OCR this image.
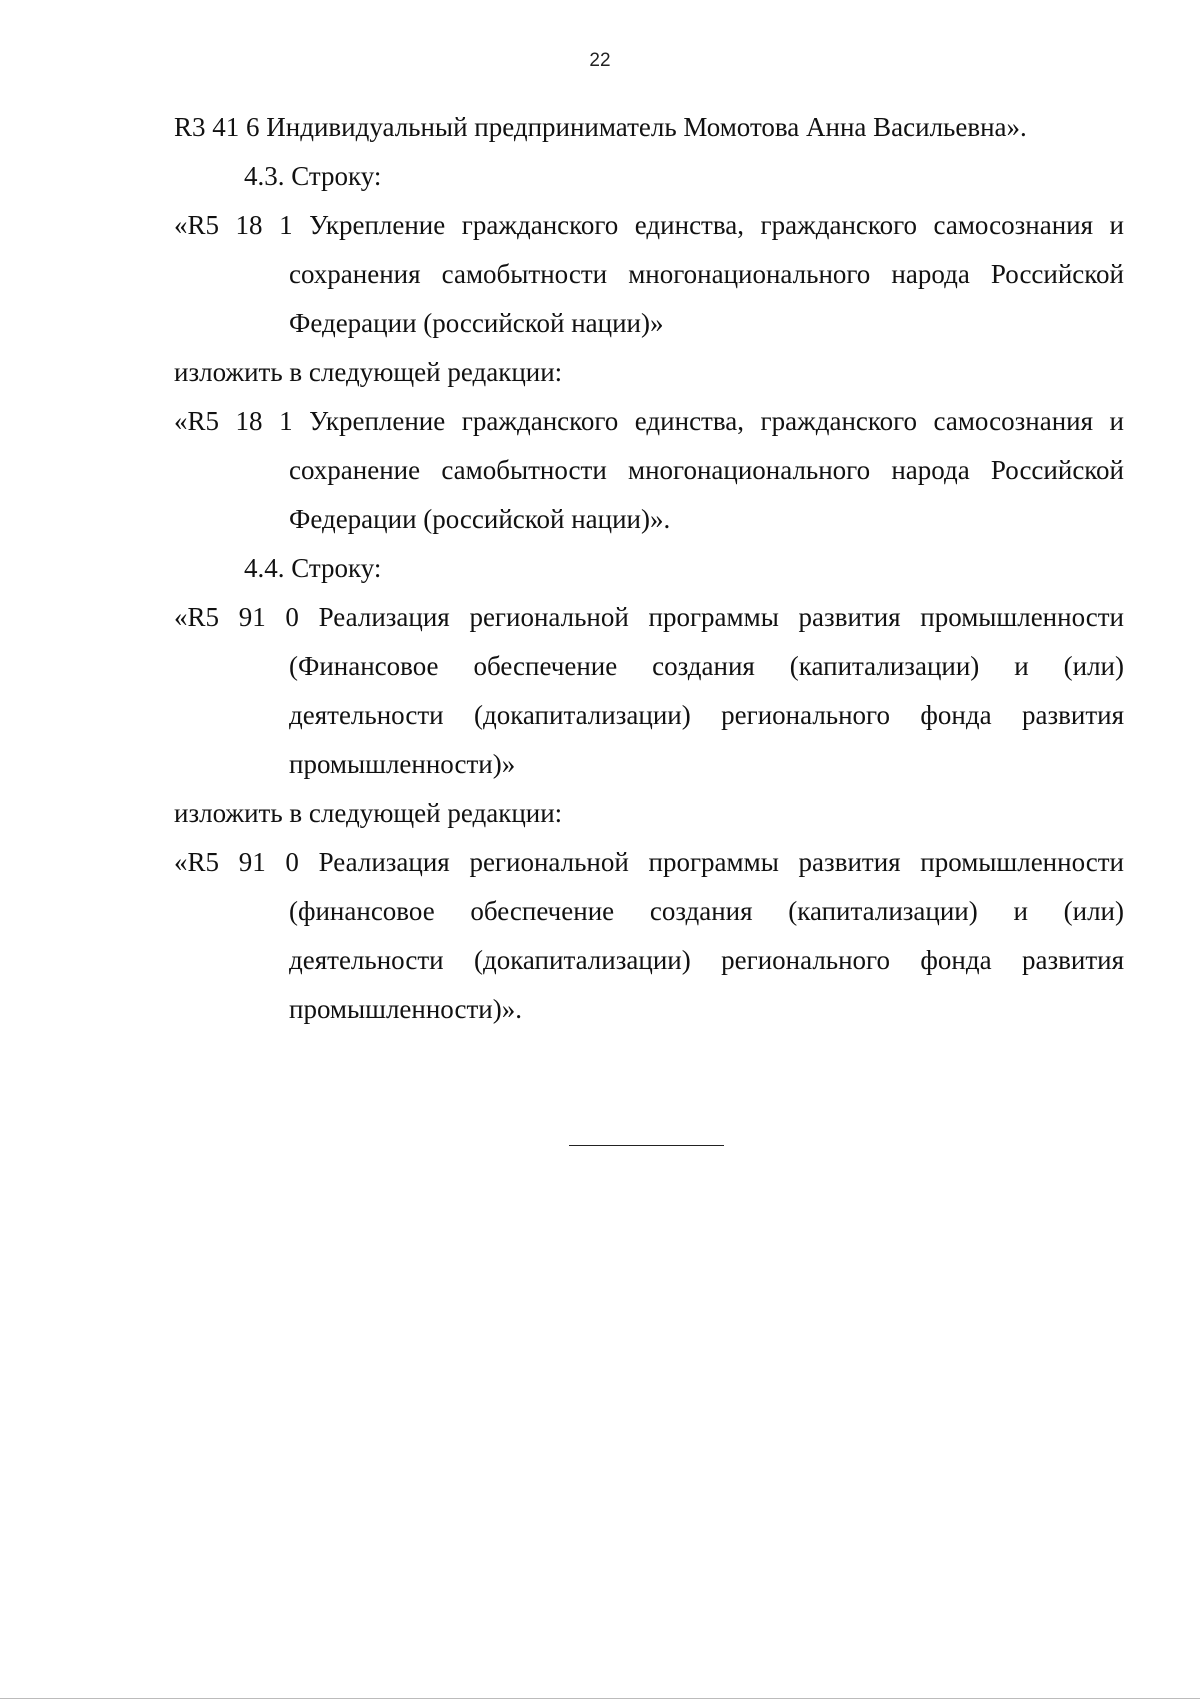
22
R3 41 6 Индивидуальный предприниматель Момотова Анна Васильевна».
4.3. Строку:
«R5 18 1 Укрепление гражданского единства, гражданского самосознания и
сохранения самобытности многонационального народа Российской
Федерации (российской нации)»
изложить в следующей редакции:
«R5 18 1 Укрепление гражданского единства, гражданского самосознания и
сохранение самобытности многонационального народа Российской
Федерации (российской нации)».
4.4. Строку:
«R5 91 0 Реализация региональной программы развития промышленности
(Финансовое обеспечение создания (капитализации) и (или)
деятельности (докапитализации) регионального фонда развития
промышленности)»
изложить в следующей редакции:
«R5 91 0 Реализация региональной программы развития промышленности
(финансовое обеспечение создания (капитализации) и (или)
деятельности (докапитализации) регионального фонда развития
промышленности)».
